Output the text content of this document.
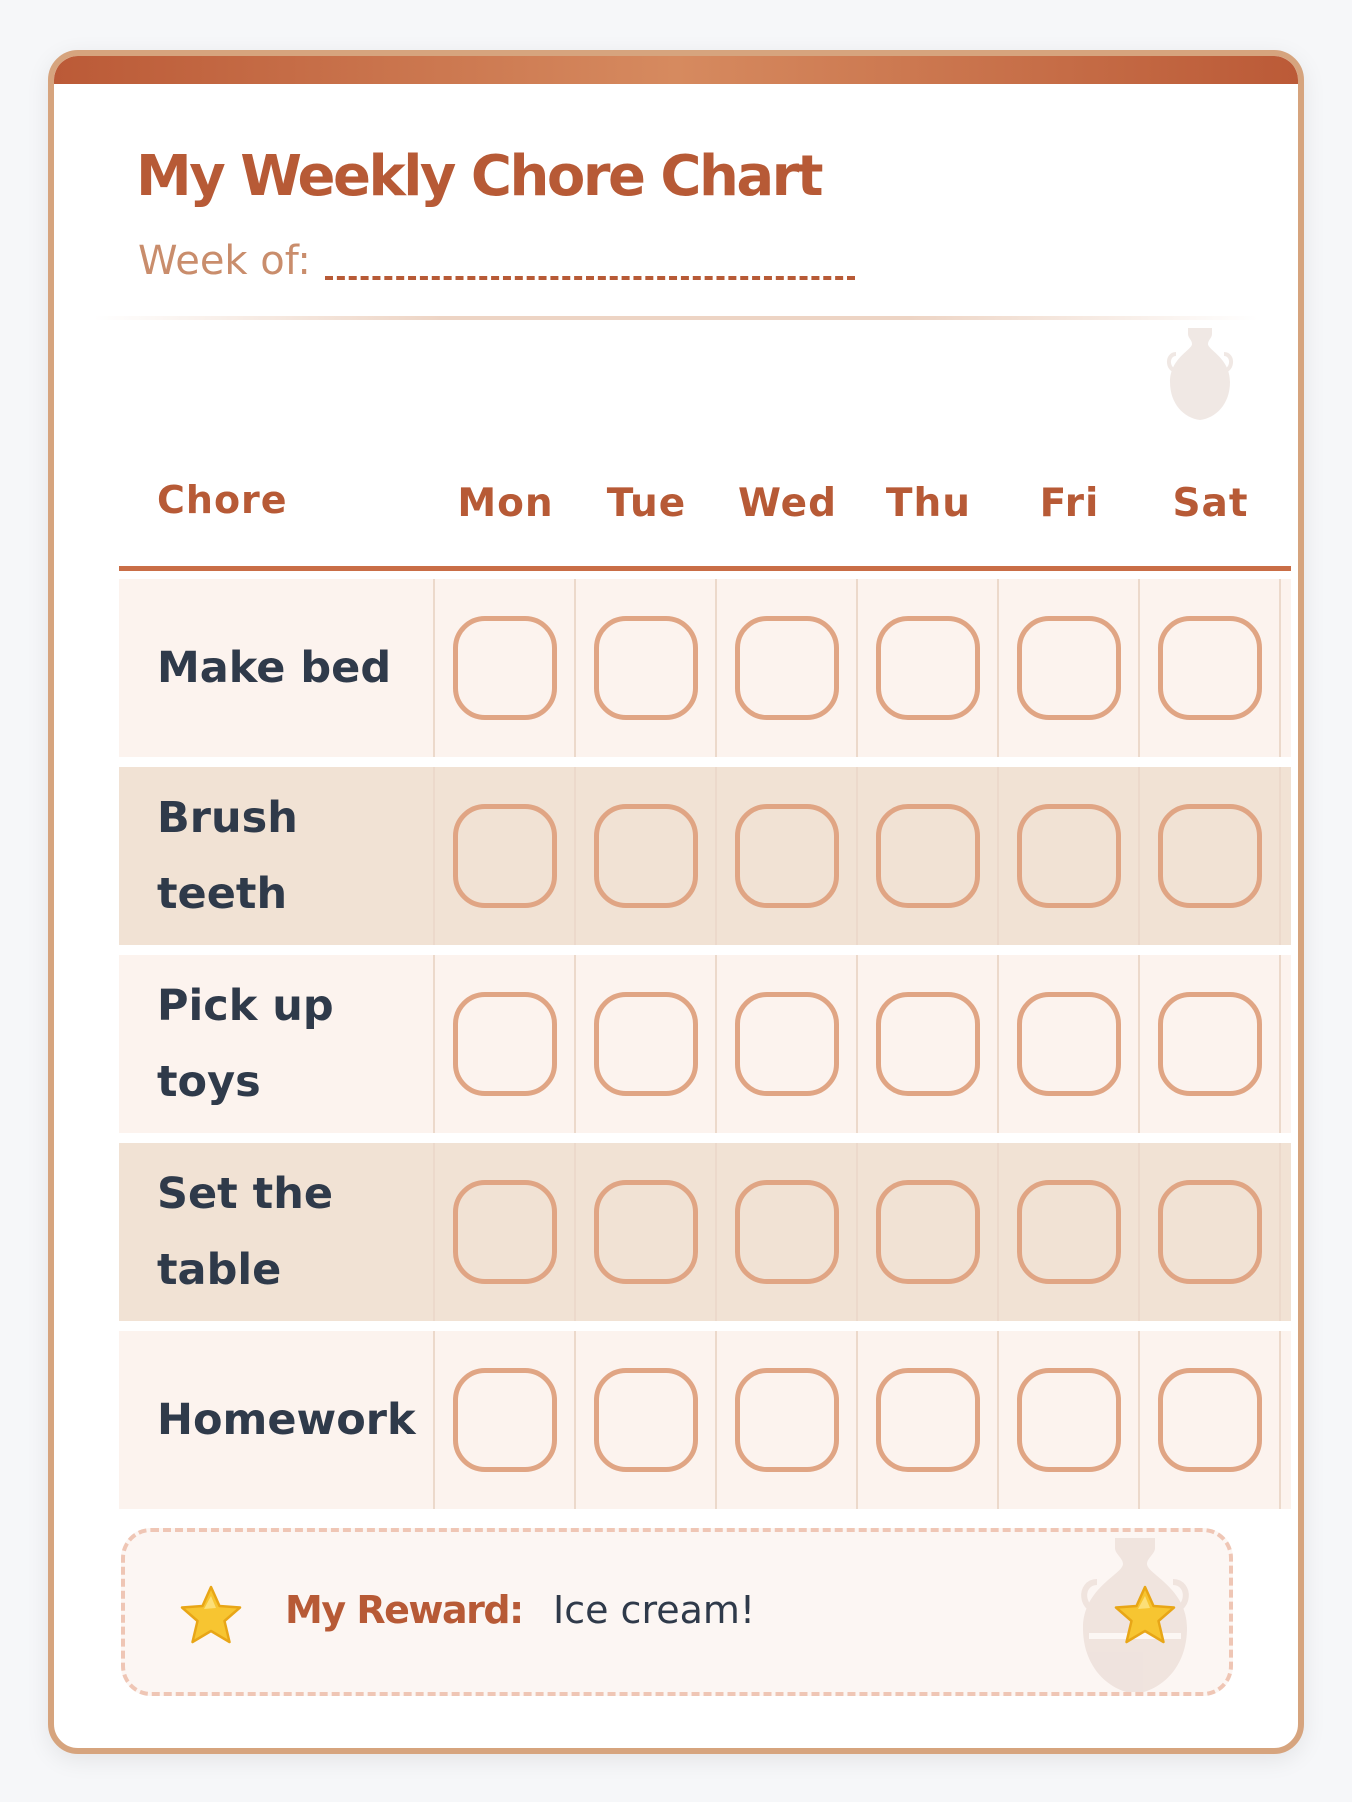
My Weekly Chore Chart
Week of:
Chore	Mon	Tue	Wed	Thu	Fri	Sat
Make bed
Brush teeth
Pick up toys
Set the table
Homework
My Reward: Ice cream!
